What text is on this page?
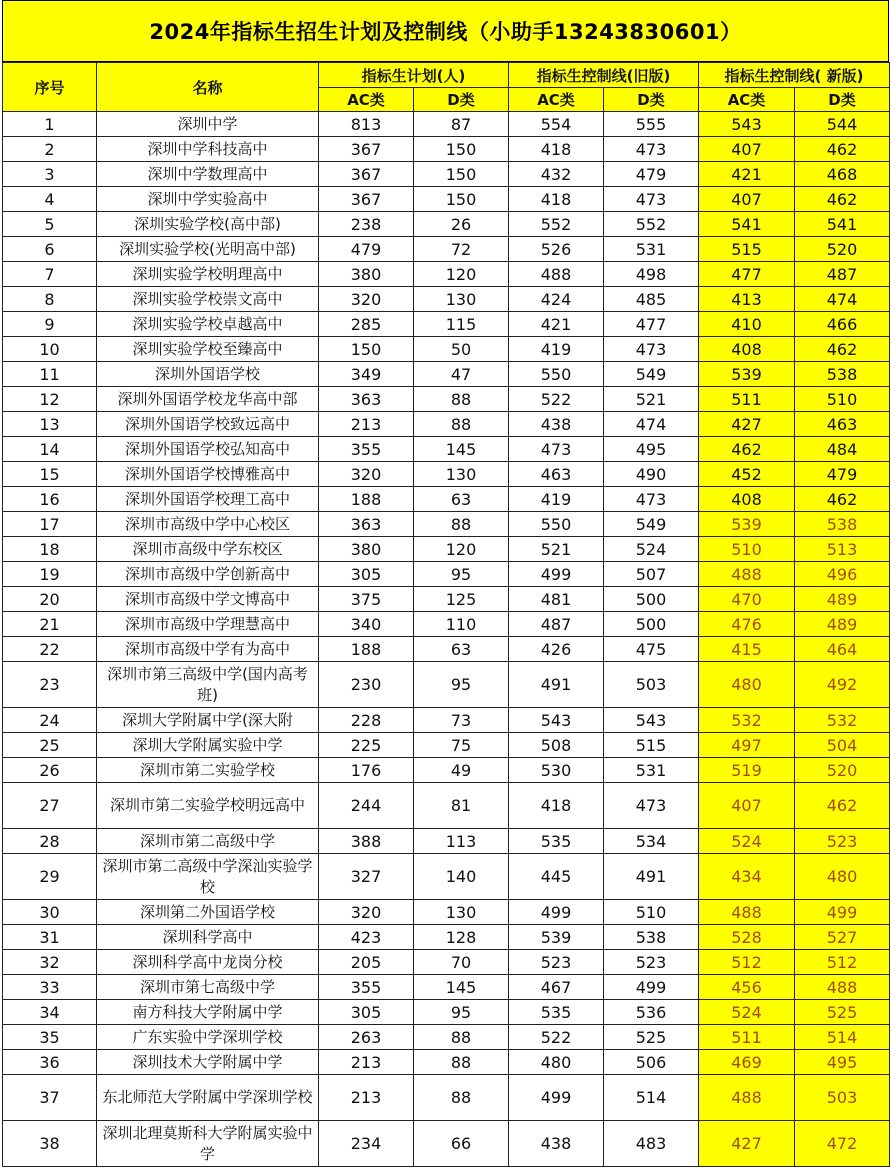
2024年指标生招生计划及控制线（小助手13243830601）
序号	名称	指标生计划(人)		指标生控制线(旧版)		指标生控制线( 新版)	
		AC类	D类	AC类	D类	AC类	D类
1	深圳中学	813	87	554	555	543	544
2	深圳中学科技高中	367	150	418	473	407	462
3	深圳中学数理高中	367	150	432	479	421	468
4	深圳中学实验高中	367	150	418	473	407	462
5	深圳实验学校(高中部)	238	26	552	552	541	541
6	深圳实验学校(光明高中部)	479	72	526	531	515	520
7	深圳实验学校明理高中	380	120	488	498	477	487
8	深圳实验学校崇文高中	320	130	424	485	413	474
9	深圳实验学校卓越高中	285	115	421	477	410	466
10	深圳实验学校至臻高中	150	50	419	473	408	462
11	深圳外国语学校	349	47	550	549	539	538
12	深圳外国语学校龙华高中部	363	88	522	521	511	510
13	深圳外国语学校致远高中	213	88	438	474	427	463
14	深圳外国语学校弘知高中	355	145	473	495	462	484
15	深圳外国语学校博雅高中	320	130	463	490	452	479
16	深圳外国语学校理工高中	188	63	419	473	408	462
17	深圳市高级中学中心校区	363	88	550	549	539	538
18	深圳市高级中学东校区	380	120	521	524	510	513
19	深圳市高级中学创新高中	305	95	499	507	488	496
20	深圳市高级中学文博高中	375	125	481	500	470	489
21	深圳市高级中学理慧高中	340	110	487	500	476	489
22	深圳市高级中学有为高中	188	63	426	475	415	464
23	深圳市第三高级中学(国内高考班)	230	95	491	503	480	492
24	深圳大学附属中学(深大附	228	73	543	543	532	532
25	深圳大学附属实验中学	225	75	508	515	497	504
26	深圳市第二实验学校	176	49	530	531	519	520
27	深圳市第二实验学校明远高中	244	81	418	473	407	462
28	深圳市第二高级中学	388	113	535	534	524	523
29	深圳市第二高级中学深汕实验学校	327	140	445	491	434	480
30	深圳第二外国语学校	320	130	499	510	488	499
31	深圳科学高中	423	128	539	538	528	527
32	深圳科学高中龙岗分校	205	70	523	523	512	512
33	深圳市第七高级中学	355	145	467	499	456	488
34	南方科技大学附属中学	305	95	535	536	524	525
35	广东实验中学深圳学校	263	88	522	525	511	514
36	深圳技术大学附属中学	213	88	480	506	469	495
37	东北师范大学附属中学深圳学校	213	88	499	514	488	503
38	深圳北理莫斯科大学附属实验中学	234	66	438	483	427	472
